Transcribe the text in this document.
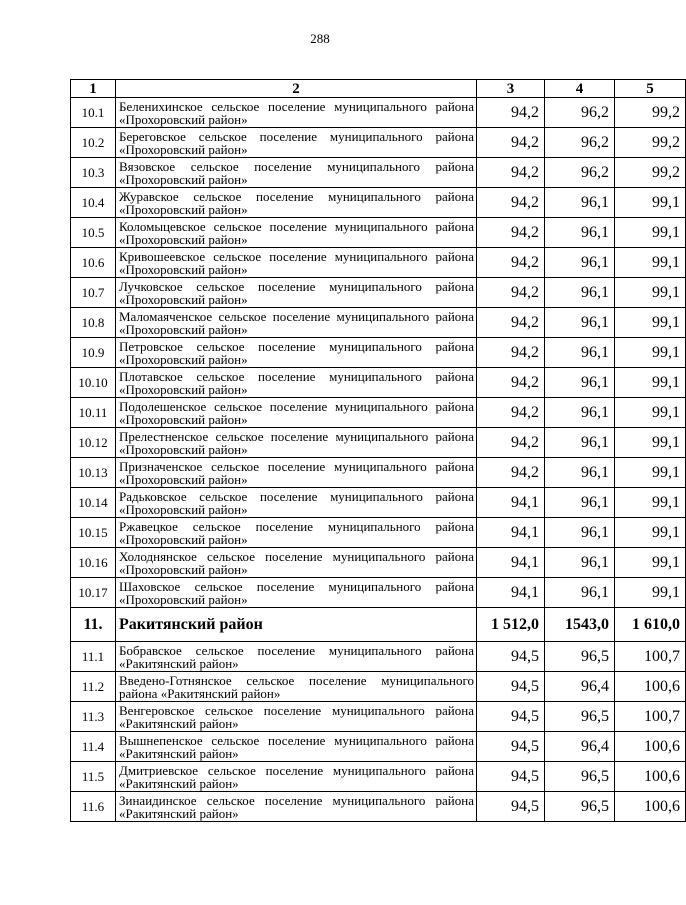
288
1	2	3	4	5
10.1	Беленихинское сельское поселение муниципального района «Прохоровский район»	94,2	96,2	99,2
10.2	Береговское сельское поселение муниципального района «Прохоровский район»	94,2	96,2	99,2
10.3	Вязовское сельское поселение муниципального района «Прохоровский район»	94,2	96,2	99,2
10.4	Журавское сельское поселение муниципального района «Прохоровский район»	94,2	96,1	99,1
10.5	Коломыцевское сельское поселение муниципального района «Прохоровский район»	94,2	96,1	99,1
10.6	Кривошеевское сельское поселение муниципального района «Прохоровский район»	94,2	96,1	99,1
10.7	Лучковское сельское поселение муниципального района «Прохоровский район»	94,2	96,1	99,1
10.8	Маломаяченское сельское поселение муниципального района «Прохоровский район»	94,2	96,1	99,1
10.9	Петровское сельское поселение муниципального района «Прохоровский район»	94,2	96,1	99,1
10.10	Плотавское сельское поселение муниципального района «Прохоровский район»	94,2	96,1	99,1
10.11	Подолешенское сельское поселение муниципального района «Прохоровский район»	94,2	96,1	99,1
10.12	Прелестненское сельское поселение муниципального района «Прохоровский район»	94,2	96,1	99,1
10.13	Призначенское сельское поселение муниципального района «Прохоровский район»	94,2	96,1	99,1
10.14	Радьковское сельское поселение муниципального района «Прохоровский район»	94,1	96,1	99,1
10.15	Ржавецкое сельское поселение муниципального района «Прохоровский район»	94,1	96,1	99,1
10.16	Холоднянское сельское поселение муниципального района «Прохоровский район»	94,1	96,1	99,1
10.17	Шаховское сельское поселение муниципального района «Прохоровский район»	94,1	96,1	99,1
11.	Ракитянский район	1 512,0	1543,0	1 610,0
11.1	Бобравское сельское поселение муниципального района «Ракитянский район»	94,5	96,5	100,7
11.2	Введено-Готнянское сельское поселение муниципального района «Ракитянский район»	94,5	96,4	100,6
11.3	Венгеровское сельское поселение муниципального района «Ракитянский район»	94,5	96,5	100,7
11.4	Вышнепенское сельское поселение муниципального района «Ракитянский район»	94,5	96,4	100,6
11.5	Дмитриевское сельское поселение муниципального района «Ракитянский район»	94,5	96,5	100,6
11.6	Зинаидинское сельское поселение муниципального района «Ракитянский район»	94,5	96,5	100,6
